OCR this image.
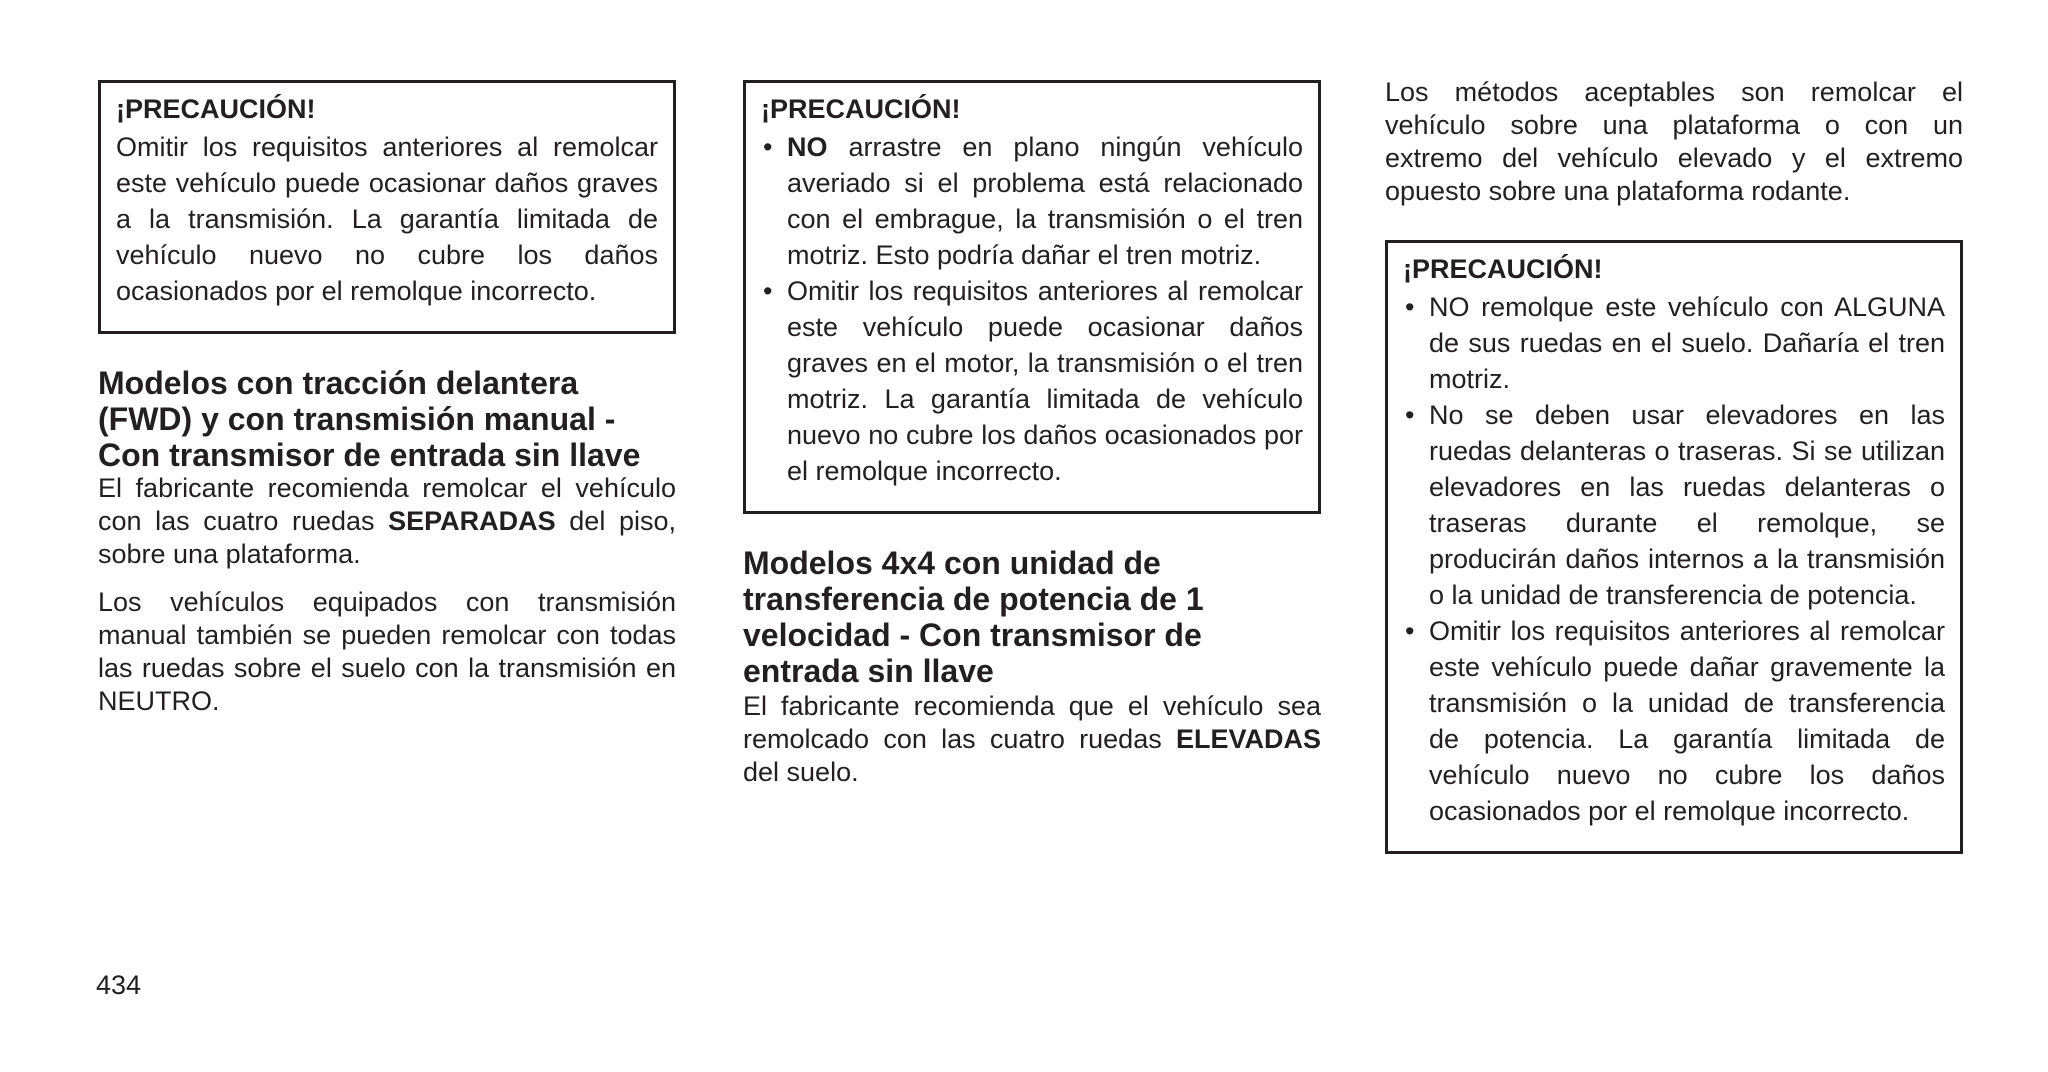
¡PRECAUCIÓN!

Omitir los requisitos anteriores al remolcar este vehículo puede ocasionar daños graves a la transmisión. La garantía limitada de vehículo nuevo no cubre los daños ocasionados por el remolque incorrecto.

Modelos con tracción delantera (FWD) y con transmisión manual - Con transmisor de entrada sin llave

El fabricante recomienda remolcar el vehículo con las cuatro ruedas SEPARADAS del piso, sobre una plataforma.

Los vehículos equipados con transmisión manual también se pueden remolcar con todas las ruedas sobre el suelo con la transmisión en NEUTRO.

¡PRECAUCIÓN!

• NO arrastre en plano ningún vehículo averiado si el problema está relacionado con el embrague, la transmisión o el tren motriz. Esto podría dañar el tren motriz.
• Omitir los requisitos anteriores al remolcar este vehículo puede ocasionar daños graves en el motor, la transmisión o el tren motriz. La garantía limitada de vehículo nuevo no cubre los daños ocasionados por el remolque incorrecto.
Modelos 4x4 con unidad de transferencia de potencia de 1 velocidad - Con transmisor de entrada sin llave

El fabricante recomienda que el vehículo sea remolcado con las cuatro ruedas ELEVADAS del suelo.

Los métodos aceptables son remolcar el vehículo sobre una plataforma o con un extremo del vehículo elevado y el extremo opuesto sobre una plataforma rodante.

¡PRECAUCIÓN!

• NO remolque este vehículo con ALGUNA de sus ruedas en el suelo. Dañaría el tren motriz.
• No se deben usar elevadores en las ruedas delanteras o traseras. Si se utilizan elevadores en las ruedas delanteras o traseras durante el remolque, se producirán daños internos a la transmisión o la unidad de transferencia de potencia.
• Omitir los requisitos anteriores al remolcar este vehículo puede dañar gravemente la transmisión o la unidad de transferencia de potencia. La garantía limitada de vehículo nuevo no cubre los daños ocasionados por el remolque incorrecto.
434
